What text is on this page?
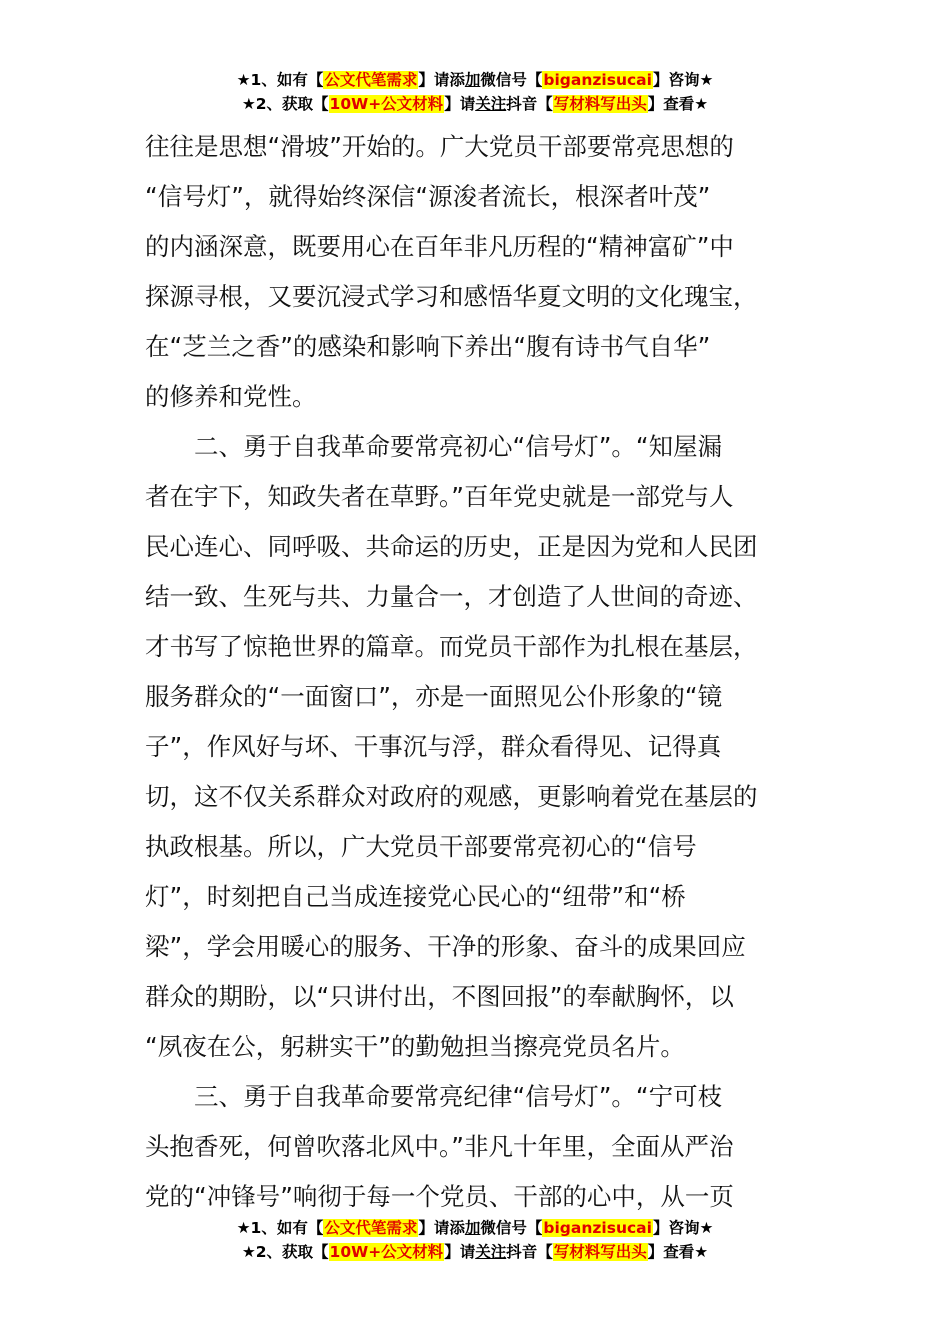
★1、如有【公文代笔需求】请添加微信号【biganzisucai】咨询★
★2、获取【10W+公文材料】请关注抖音【写材料写出头】查看★

往往是思想“滑坡”开始的。广大党员干部要常亮思想的
“信号灯”，就得始终深信“源浚者流长，根深者叶茂”
的内涵深意，既要用心在百年非凡历程的“精神富矿”中
探源寻根，又要沉浸式学习和感悟华夏文明的文化瑰宝，
在“芝兰之香”的感染和影响下养出“腹有诗书气自华”
的修养和党性。

二、勇于自我革命要常亮初心“信号灯”。“知屋漏
者在宇下，知政失者在草野。”百年党史就是一部党与人
民心连心、同呼吸、共命运的历史，正是因为党和人民团
结一致、生死与共、力量合一，才创造了人世间的奇迹、
才书写了惊艳世界的篇章。而党员干部作为扎根在基层，
服务群众的“一面窗口”，亦是一面照见公仆形象的“镜
子”，作风好与坏、干事沉与浮，群众看得见、记得真
切，这不仅关系群众对政府的观感，更影响着党在基层的
执政根基。所以，广大党员干部要常亮初心的“信号
灯”，时刻把自己当成连接党心民心的“纽带”和“桥
梁”，学会用暖心的服务、干净的形象、奋斗的成果回应
群众的期盼，以“只讲付出，不图回报”的奉献胸怀，以
“夙夜在公，躬耕实干”的勤勉担当擦亮党员名片。

三、勇于自我革命要常亮纪律“信号灯”。“宁可枝
头抱香死，何曾吹落北风中。”非凡十年里，全面从严治
党的“冲锋号”响彻于每一个党员、干部的心中，从一页

★1、如有【公文代笔需求】请添加微信号【biganzisucai】咨询★
★2、获取【10W+公文材料】请关注抖音【写材料写出头】查看★
